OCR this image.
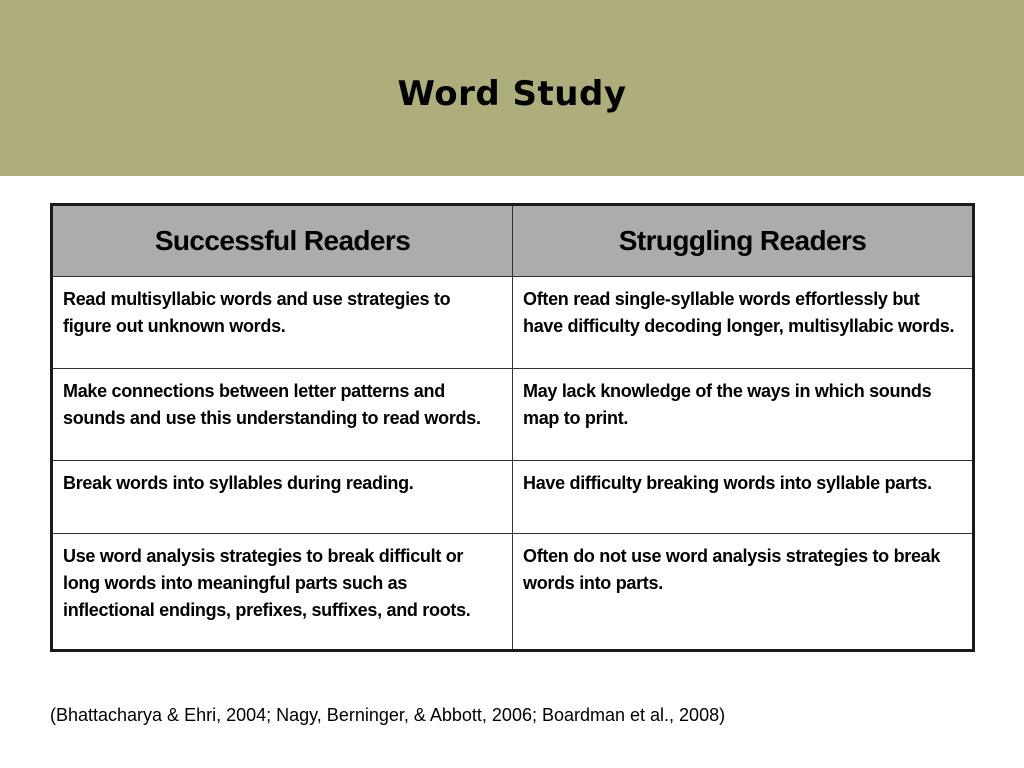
Word Study
Successful Readers	Struggling Readers
Read multisyllabic words and use strategies to figure out unknown words.	Often read single-syllable words effortlessly but have difficulty decoding longer, multisyllabic words.
Make connections between letter patterns and sounds and use this understanding to read words.	May lack knowledge of the ways in which sounds map to print.
Break words into syllables during reading.	Have difficulty breaking words into syllable parts.
Use word analysis strategies to break difficult or long words into meaningful parts such as inflectional endings, prefixes, suffixes, and roots.	Often do not use word analysis strategies to break words into parts.
(Bhattacharya & Ehri, 2004; Nagy, Berninger, & Abbott, 2006; Boardman et al., 2008)
